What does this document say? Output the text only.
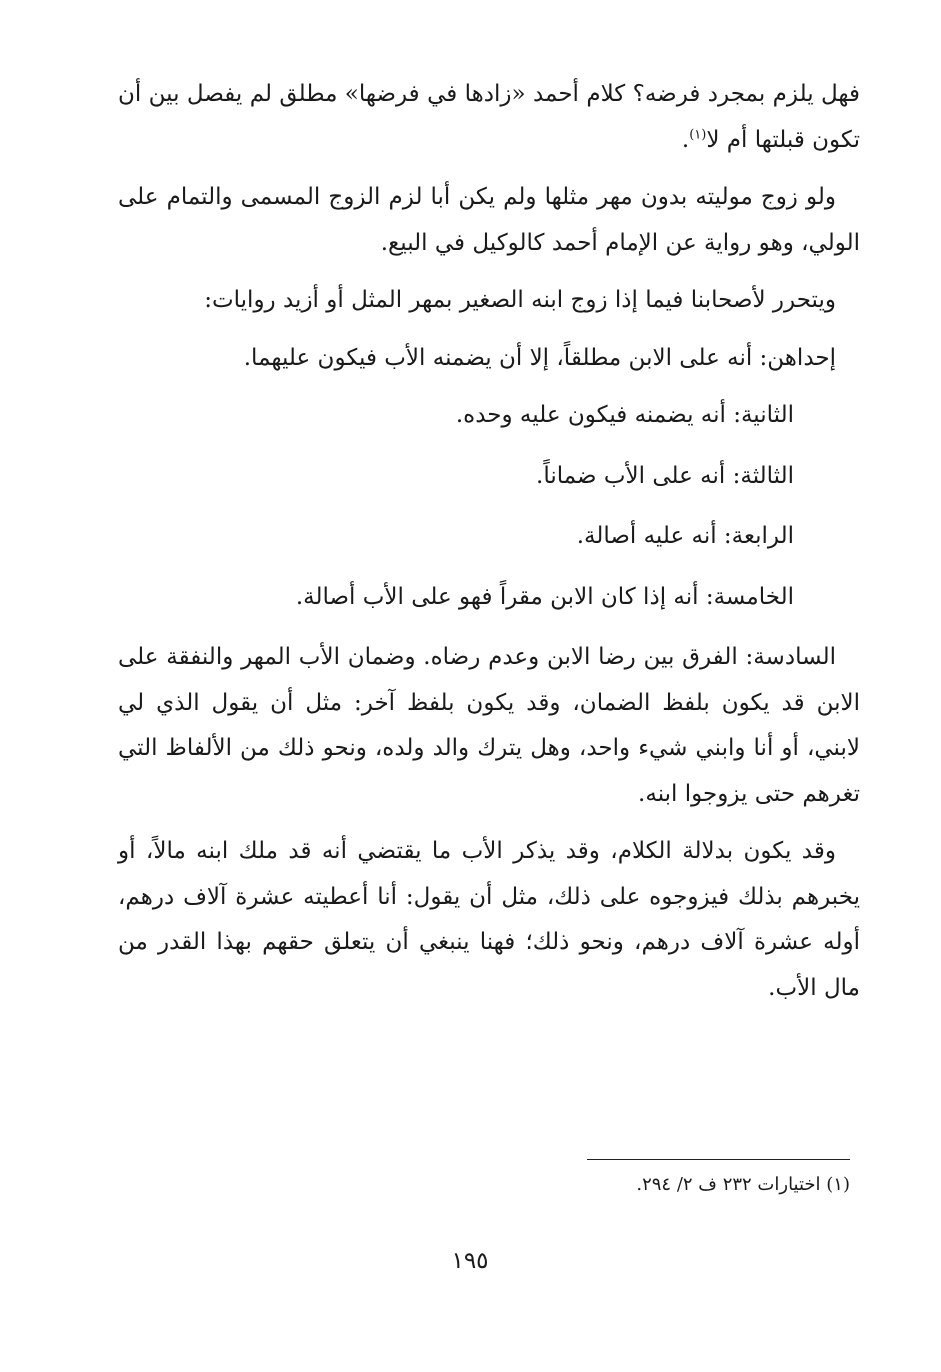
فهل يلزم بمجرد فرضه؟ كلام أحمد «زادها في فرضها» مطلق لم يفصل بين أن تكون قبلتها أم لا$^{(١)}$.

ولو زوج موليته بدون مهر مثلها ولم يكن أبا لزم الزوج المسمى والتمام على الولي، وهو رواية عن الإمام أحمد كالوكيل في البيع.

ويتحرر لأصحابنا فيما إذا زوج ابنه الصغير بمهر المثل أو أزيد روايات:

إحداهن: أنه على الابن مطلقاً، إلا أن يضمنه الأب فيكون عليهما.

الثانية: أنه يضمنه فيكون عليه وحده.

الثالثة: أنه على الأب ضماناً.

الرابعة: أنه عليه أصالة.

الخامسة: أنه إذا كان الابن مقراً فهو على الأب أصالة.

السادسة: الفرق بين رضا الابن وعدم رضاه. وضمان الأب المهر والنفقة على الابن قد يكون بلفظ الضمان، وقد يكون بلفظ آخر: مثل أن يقول الذي لي لابني، أو أنا وابني شيء واحد، وهل يترك والد ولده، ونحو ذلك من الألفاظ التي تغرهم حتى يزوجوا ابنه.

وقد يكون بدلالة الكلام، وقد يذكر الأب ما يقتضي أنه قد ملك ابنه مالاً، أو يخبرهم بذلك فيزوجوه على ذلك، مثل أن يقول: أنا أعطيته عشرة آلاف درهم، أوله عشرة آلاف درهم، ونحو ذلك؛ فهنا ينبغي أن يتعلق حقهم بهذا القدر من مال الأب.

(١) اختيارات ٢٣٢ ف ٢/ ٢٩٤.
١٩٥
